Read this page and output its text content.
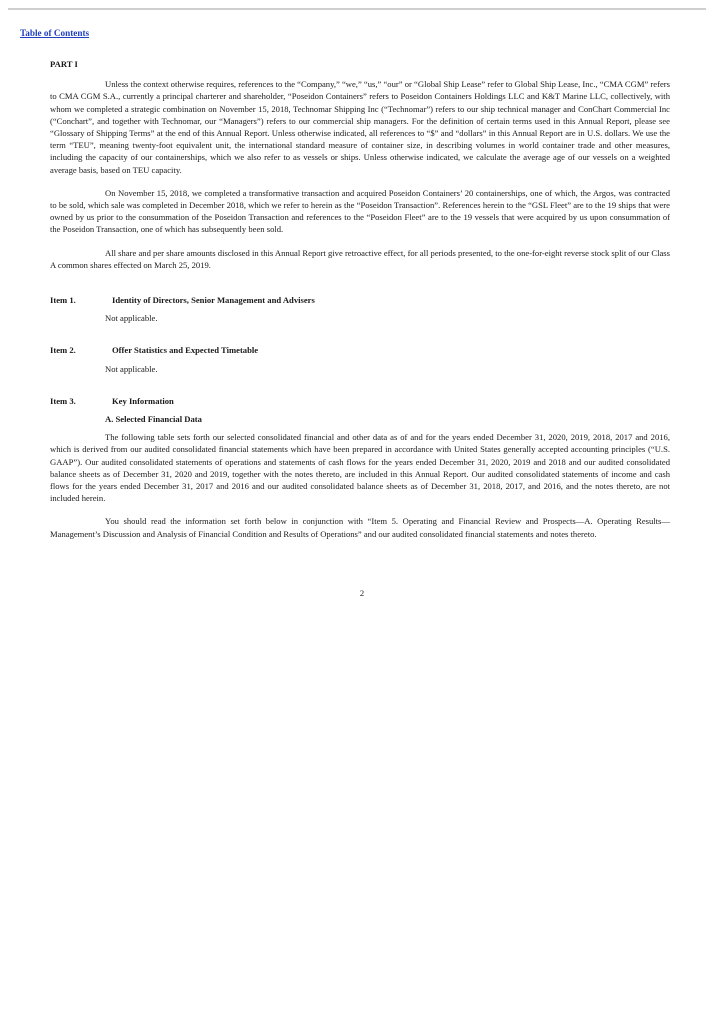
Table of Contents

PART I

Unless the context otherwise requires, references to the “Company,” “we,” “us,” “our” or “Global Ship Lease” refer to Global Ship Lease, Inc., “CMA CGM” refers to CMA CGM S.A., currently a principal charterer and shareholder, “Poseidon Containers” refers to Poseidon Containers Holdings LLC and K&T Marine LLC, collectively, with whom we completed a strategic combination on November 15, 2018, Technomar Shipping Inc (“Technomar”) refers to our ship technical manager and ConChart Commercial Inc (“Conchart”, and together with Technomar, our “Managers”) refers to our commercial ship managers. For the definition of certain terms used in this Annual Report, please see “Glossary of Shipping Terms” at the end of this Annual Report. Unless otherwise indicated, all references to “$” and “dollars” in this Annual Report are in U.S. dollars. We use the term “TEU”, meaning twenty-foot equivalent unit, the international standard measure of container size, in describing volumes in world container trade and other measures, including the capacity of our containerships, which we also refer to as vessels or ships. Unless otherwise indicated, we calculate the average age of our vessels on a weighted average basis, based on TEU capacity.

On November 15, 2018, we completed a transformative transaction and acquired Poseidon Containers’ 20 containerships, one of which, the Argos, was contracted to be sold, which sale was completed in December 2018, which we refer to herein as the “Poseidon Transaction”. References herein to the “GSL Fleet” are to the 19 ships that were owned by us prior to the consummation of the Poseidon Transaction and references to the “Poseidon Fleet” are to the 19 vessels that were acquired by us upon consummation of the Poseidon Transaction, one of which has subsequently been sold.

All share and per share amounts disclosed in this Annual Report give retroactive effect, for all periods presented, to the one-for-eight reverse stock split of our Class A common shares effected on March 25, 2019.

Item 1.	Identity of Directors, Senior Management and Advisers
Not applicable.
Item 2.	Offer Statistics and Expected Timetable
Not applicable.
Item 3.	Key Information
A. Selected Financial Data

The following table sets forth our selected consolidated financial and other data as of and for the years ended December 31, 2020, 2019, 2018, 2017 and 2016, which is derived from our audited consolidated financial statements which have been prepared in accordance with United States generally accepted accounting principles (“U.S. GAAP”). Our audited consolidated statements of operations and statements of cash flows for the years ended December 31, 2020, 2019 and 2018 and our audited consolidated balance sheets as of December 31, 2020 and 2019, together with the notes thereto, are included in this Annual Report. Our audited consolidated statements of income and cash flows for the years ended December 31, 2017 and 2016 and our audited consolidated balance sheets as of December 31, 2018, 2017, and 2016, and the notes thereto, are not included herein.

You should read the information set forth below in conjunction with “Item 5. Operating and Financial Review and Prospects—A. Operating Results—Management’s Discussion and Analysis of Financial Condition and Results of Operations” and our audited consolidated financial statements and notes thereto.

2
